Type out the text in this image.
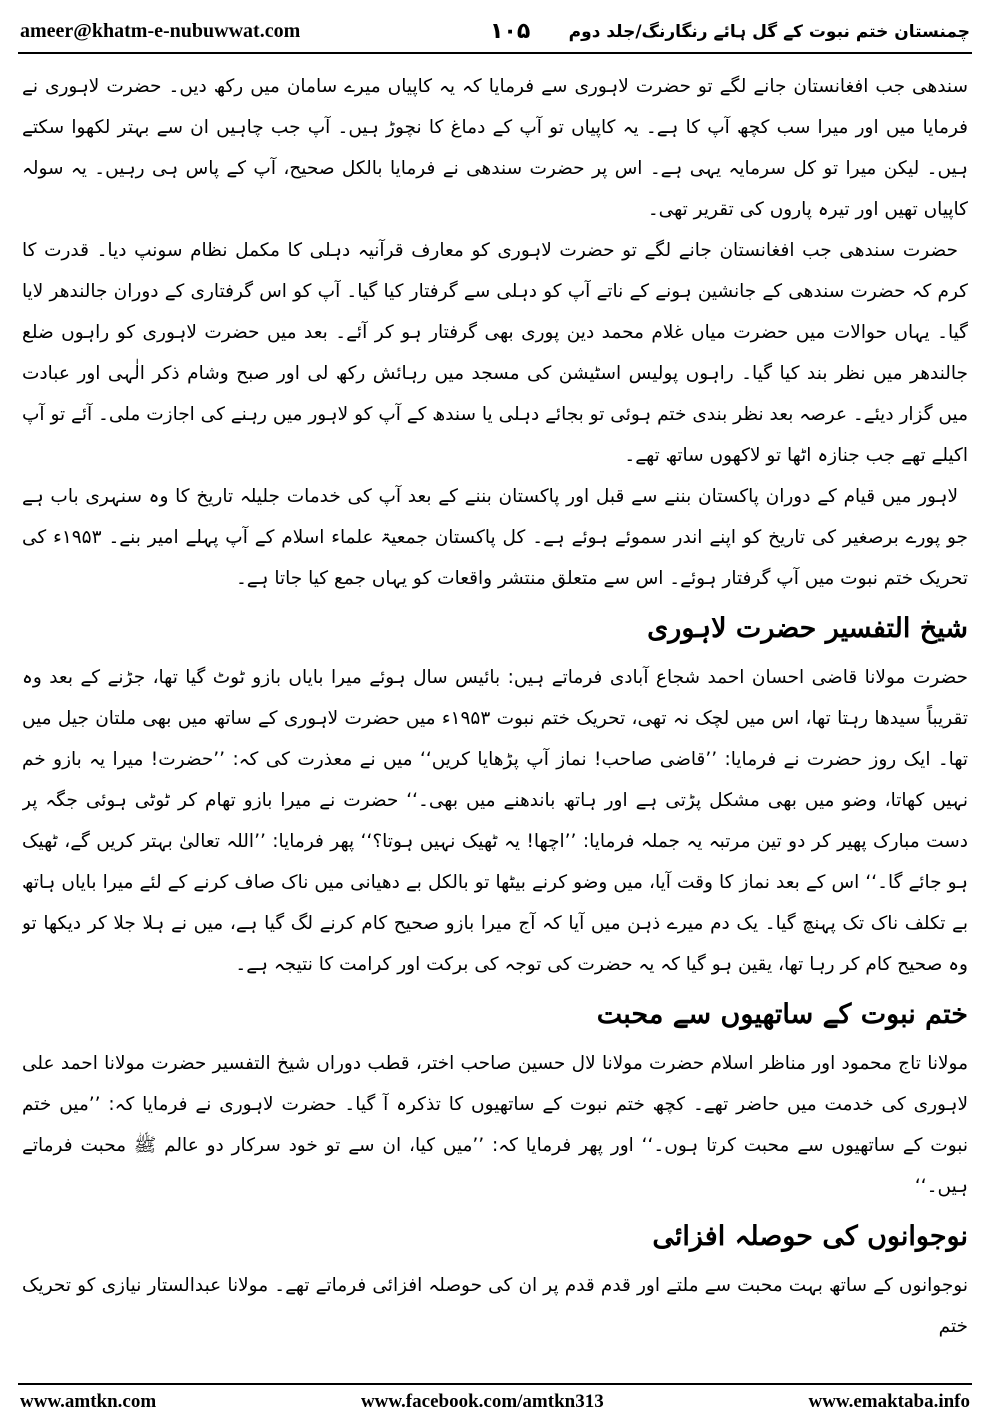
ameer@khatm-e-nubuwwat.com	۱۰۵ چمنستان ختم نبوت کے گل ہائے رنگارنگ/جلد دوم

سندھی جب افغانستان جانے لگے تو حضرت لاہوری سے فرمایا کہ یہ کاپیاں میرے سامان میں رکھ دیں۔ حضرت لاہوری نے فرمایا میں اور میرا سب کچھ آپ کا ہے۔ یہ کاپیاں تو آپ کے دماغ کا نچوڑ ہیں۔ آپ جب چاہیں ان سے بہتر لکھوا سکتے ہیں۔ لیکن میرا تو کل سرمایہ یہی ہے۔ اس پر حضرت سندھی نے فرمایا بالکل صحیح، آپ کے پاس ہی رہیں۔ یہ سولہ کاپیاں تھیں اور تیرہ پاروں کی تقریر تھی۔

حضرت سندھی جب افغانستان جانے لگے تو حضرت لاہوری کو معارف قرآنیہ دہلی کا مکمل نظام سونپ دیا۔ قدرت کا کرم کہ حضرت سندھی کے جانشین ہونے کے ناتے آپ کو دہلی سے گرفتار کیا گیا۔ آپ کو اس گرفتاری کے دوران جالندھر لایا گیا۔ یہاں حوالات میں حضرت میاں غلام محمد دین پوری بھی گرفتار ہو کر آئے۔ بعد میں حضرت لاہوری کو راہوں ضلع جالندھر میں نظر بند کیا گیا۔ راہوں پولیس اسٹیشن کی مسجد میں رہائش رکھ لی اور صبح وشام ذکر الٰہی اور عبادت میں گزار دیئے۔ عرصہ بعد نظر بندی ختم ہوئی تو بجائے دہلی یا سندھ کے آپ کو لاہور میں رہنے کی اجازت ملی۔ آئے تو آپ اکیلے تھے جب جنازہ اٹھا تو لاکھوں ساتھ تھے۔

لاہور میں قیام کے دوران پاکستان بننے سے قبل اور پاکستان بننے کے بعد آپ کی خدمات جلیلہ تاریخ کا وہ سنہری باب ہے جو پورے برصغیر کی تاریخ کو اپنے اندر سموئے ہوئے ہے۔ کل پاکستان جمعیۃ علماء اسلام کے آپ پہلے امیر بنے۔ ۱۹۵۳ء کی تحریک ختم نبوت میں آپ گرفتار ہوئے۔ اس سے متعلق منتشر واقعات کو یہاں جمع کیا جاتا ہے۔

شیخ التفسیر حضرت لاہوری

حضرت مولانا قاضی احسان احمد شجاع آبادی فرماتے ہیں: بائیس سال ہوئے میرا بایاں بازو ٹوٹ گیا تھا، جڑنے کے بعد وہ تقریباً سیدھا رہتا تھا، اس میں لچک نہ تھی، تحریک ختم نبوت ۱۹۵۳ء میں حضرت لاہوری کے ساتھ میں بھی ملتان جیل میں تھا۔ ایک روز حضرت نے فرمایا: ’’قاضی صاحب! نماز آپ پڑھایا کریں‘‘ میں نے معذرت کی کہ: ’’حضرت! میرا یہ بازو خم نہیں کھاتا، وضو میں بھی مشکل پڑتی ہے اور ہاتھ باندھنے میں بھی۔‘‘ حضرت نے میرا بازو تھام کر ٹوٹی ہوئی جگہ پر دست مبارک پھیر کر دو تین مرتبہ یہ جملہ فرمایا: ’’اچھا! یہ ٹھیک نہیں ہوتا؟‘‘ پھر فرمایا: ’’اللہ تعالیٰ بہتر کریں گے، ٹھیک ہو جائے گا۔‘‘ اس کے بعد نماز کا وقت آیا، میں وضو کرنے بیٹھا تو بالکل بے دھیانی میں ناک صاف کرنے کے لئے میرا بایاں ہاتھ بے تکلف ناک تک پہنچ گیا۔ یک دم میرے ذہن میں آیا کہ آج میرا بازو صحیح کام کرنے لگ گیا ہے، میں نے ہلا جلا کر دیکھا تو وہ صحیح کام کر رہا تھا، یقین ہو گیا کہ یہ حضرت کی توجہ کی برکت اور کرامت کا نتیجہ ہے۔

ختم نبوت کے ساتھیوں سے محبت

مولانا تاج محمود اور مناظر اسلام حضرت مولانا لال حسین صاحب اختر، قطب دوراں شیخ التفسیر حضرت مولانا احمد علی لاہوری کی خدمت میں حاضر تھے۔ کچھ ختم نبوت کے ساتھیوں کا تذکرہ آ گیا۔ حضرت لاہوری نے فرمایا کہ: ’’میں ختم نبوت کے ساتھیوں سے محبت کرتا ہوں۔‘‘ اور پھر فرمایا کہ: ’’میں کیا، ان سے تو خود سرکار دو عالم ﷺ محبت فرماتے ہیں۔‘‘

نوجوانوں کی حوصلہ افزائی

نوجوانوں کے ساتھ بہت محبت سے ملتے اور قدم قدم پر ان کی حوصلہ افزائی فرماتے تھے۔ مولانا عبدالستار نیازی کو تحریک ختم

www.amtkn.com	www.facebook.com/amtkn313	www.emaktaba.info
